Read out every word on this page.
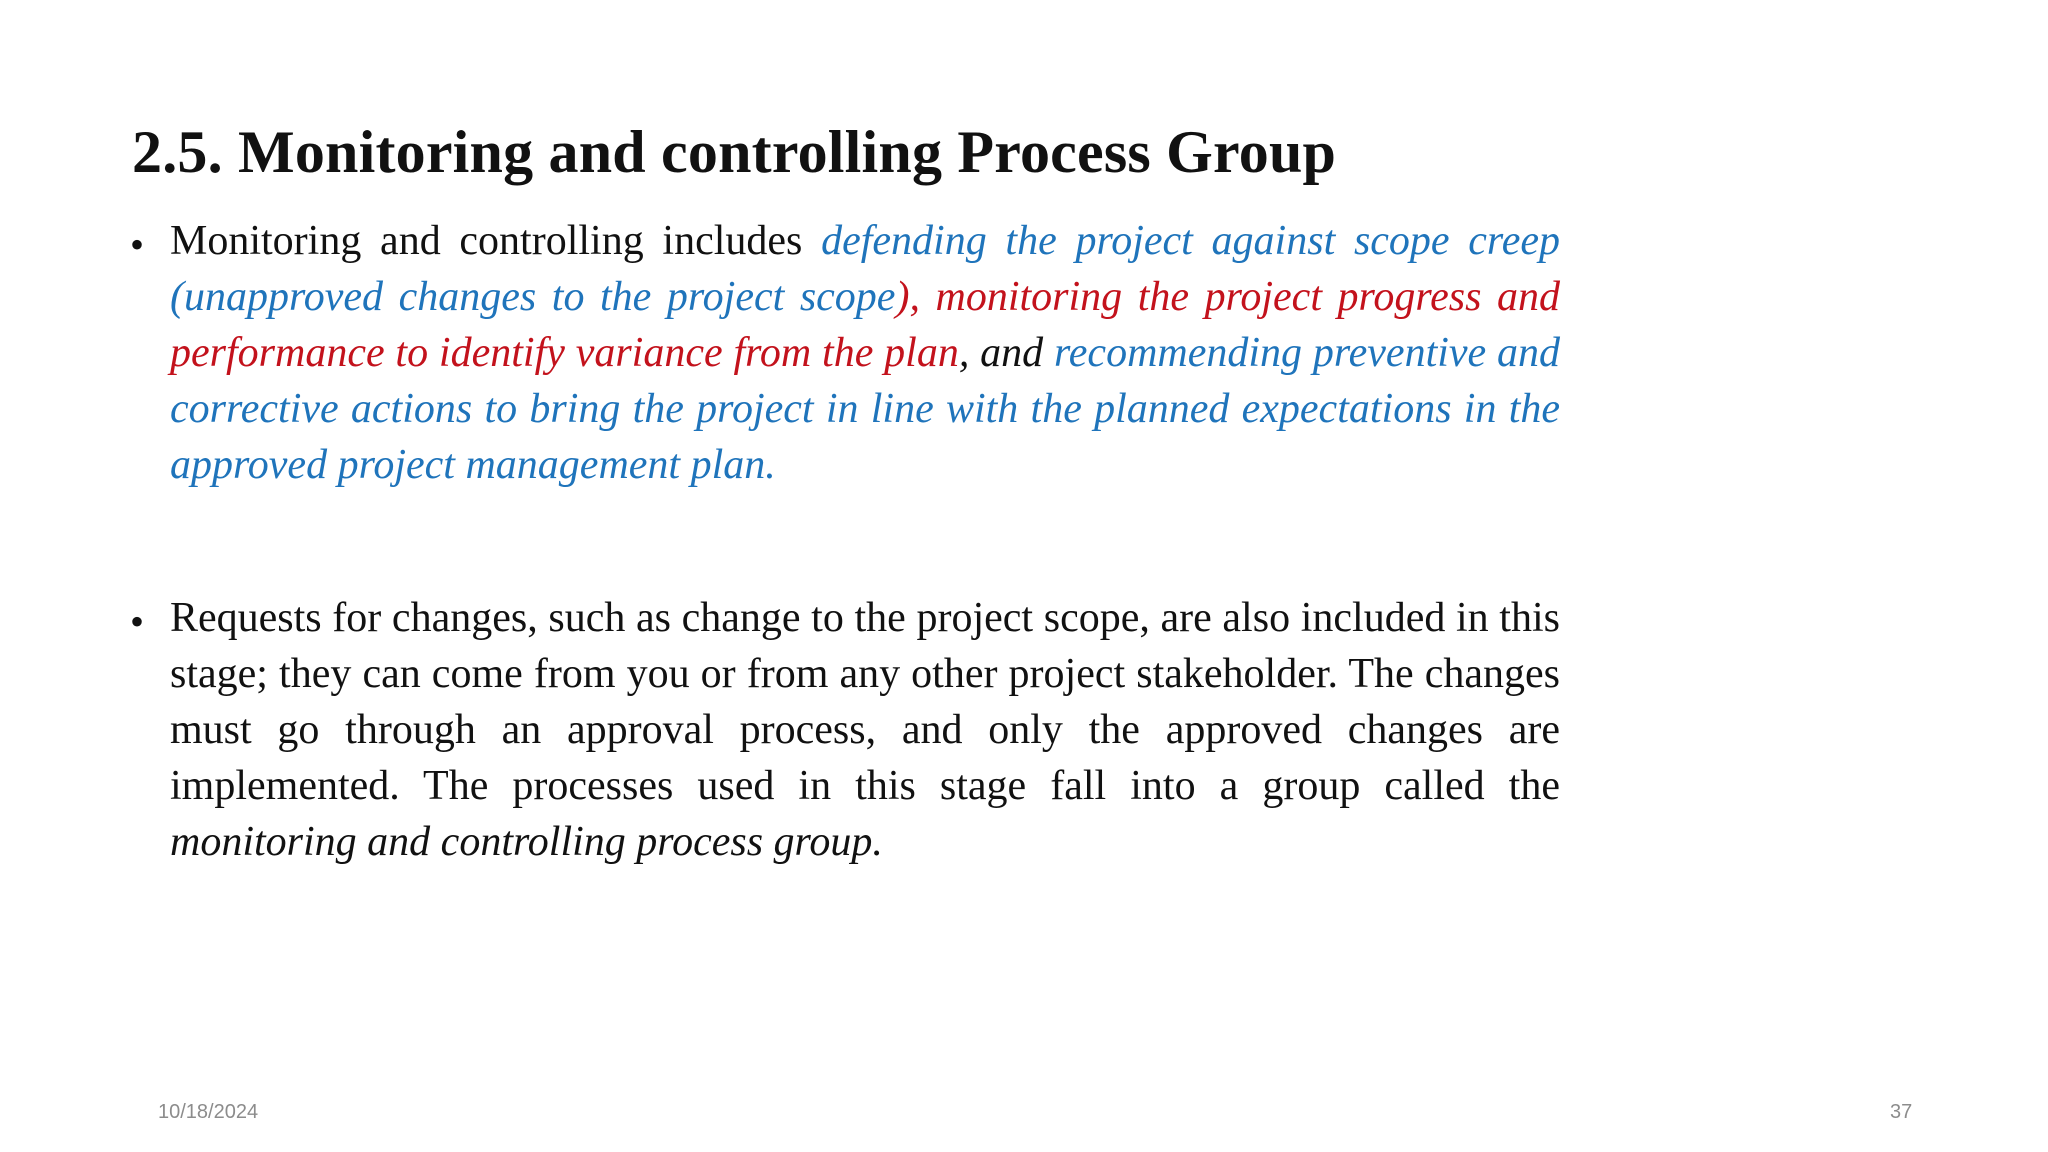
2.5. Monitoring and controlling Process Group
• Monitoring and controlling includes defending the project against scope creep (unapproved changes to the project scope), monitoring the project progress and performance to identify variance from the plan, and recommending preventive and corrective actions to bring the project in line with the planned expectations in the approved project management plan.
• Requests for changes, such as change to the project scope, are also included in this stage; they can come from you or from any other project stakeholder. The changes must go through an approval process, and only the approved changes are implemented. The processes used in this stage fall into a group called the monitoring and controlling process group.
10/18/2024	37
